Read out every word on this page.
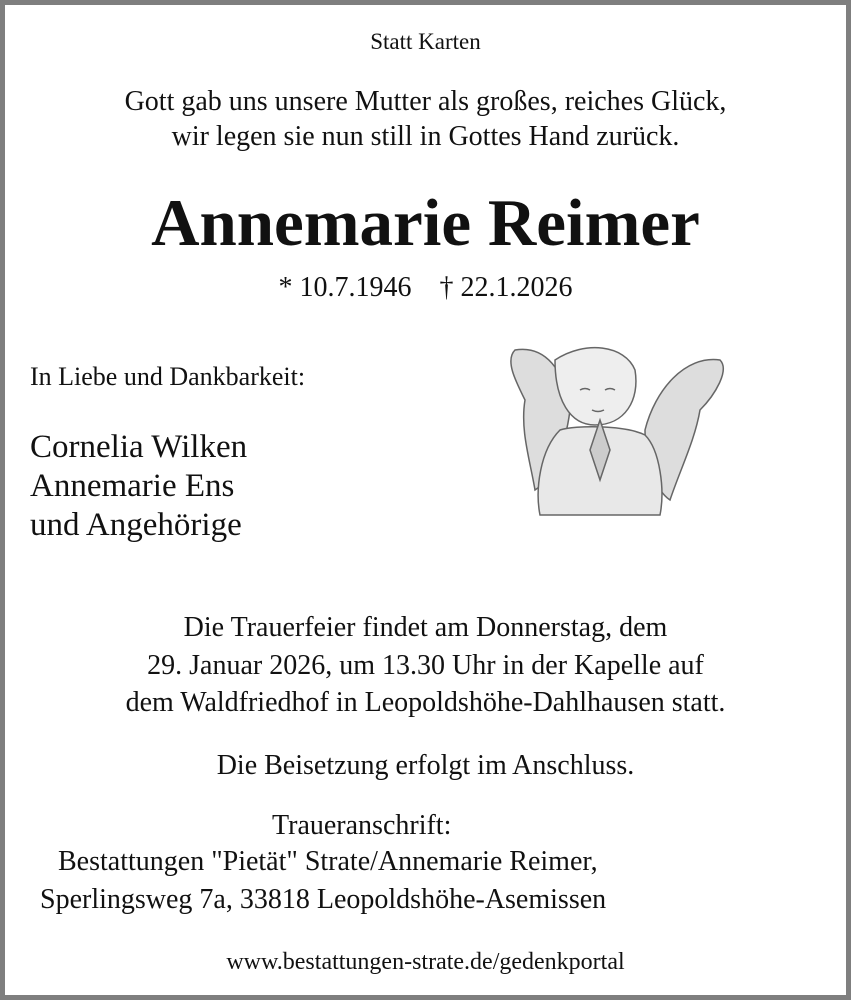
Statt Karten
Gott gab uns unsere Mutter als großes, reiches Glück,
wir legen sie nun still in Gottes Hand zurück.
Annemarie Reimer
* 10.7.1946 † 22.1.2026
In Liebe und Dankbarkeit:
Cornelia Wilken
Annemarie Ens
und Angehörige
Die Trauerfeier findet am Donnerstag, dem
29. Januar 2026, um 13.30 Uhr in der Kapelle auf
dem Waldfriedhof in Leopoldshöhe-Dahlhausen statt.
Die Beisetzung erfolgt im Anschluss.
Traueranschrift:
Bestattungen "Pietät" Strate/Annemarie Reimer,
Sperlingsweg 7a, 33818 Leopoldshöhe-Asemissen
www.bestattungen-strate.de/gedenkportal
